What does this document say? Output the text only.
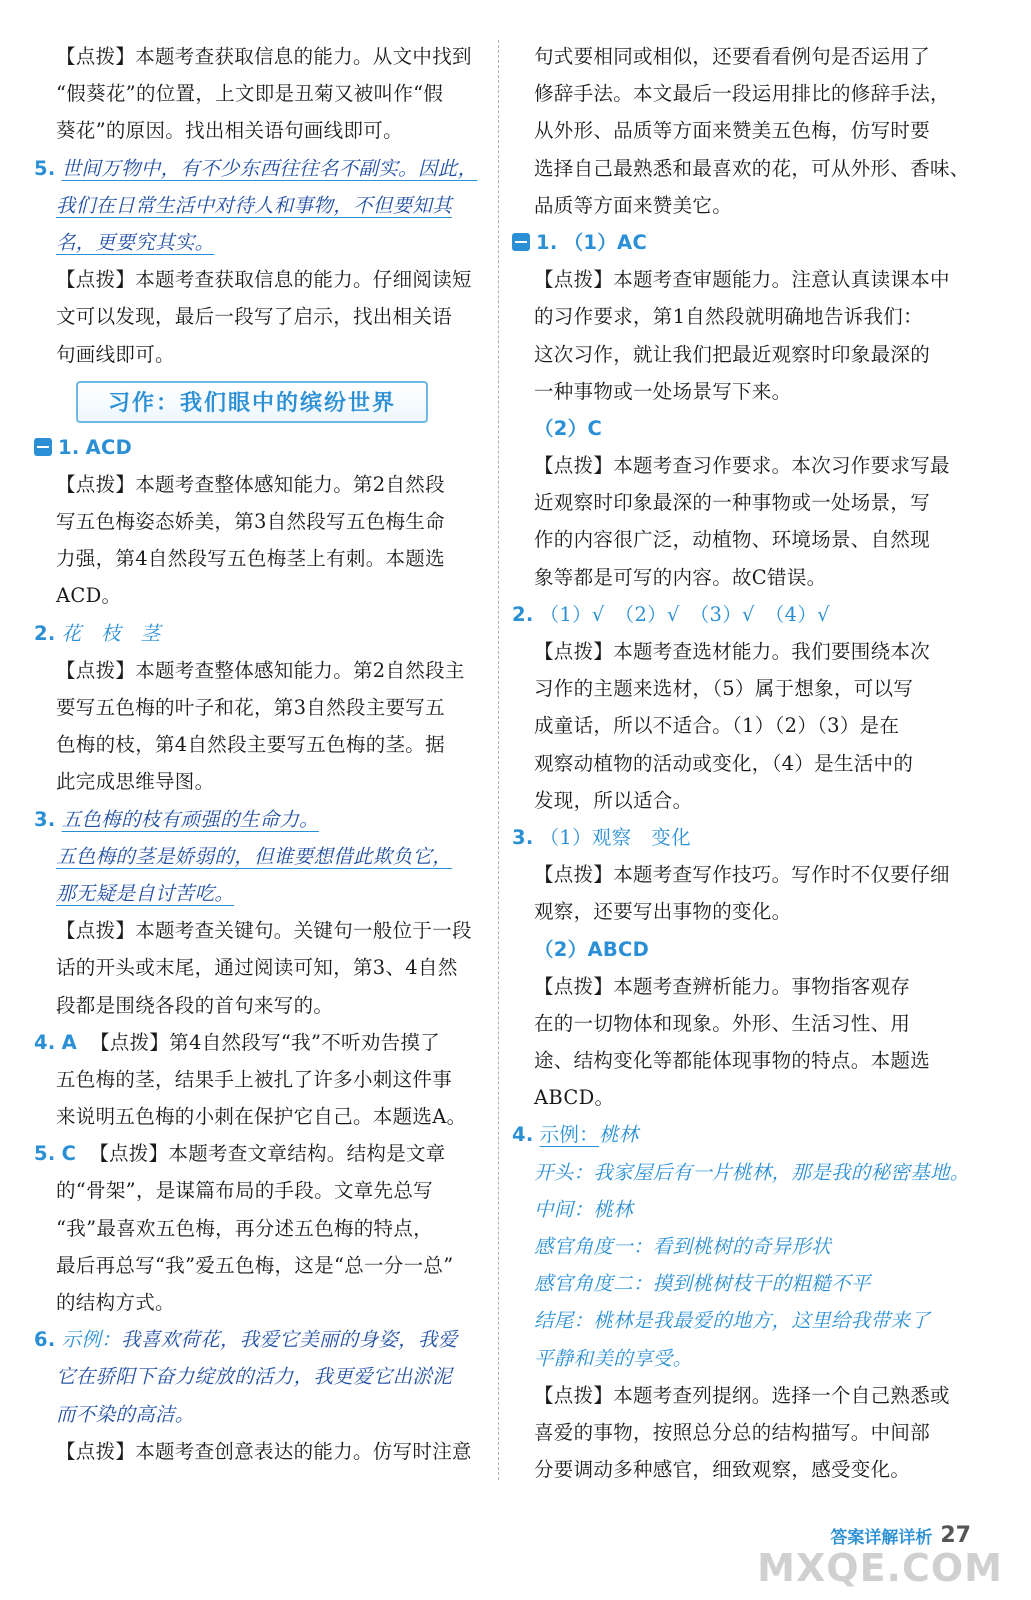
【点拨】本题考查获取信息的能力。从文中找到
“假葵花”的位置，上文即是丑菊又被叫作“假
葵花”的原因。找出相关语句画线即可。
5. 世间万物中，有不少东西往往名不副实。因此，
我们在日常生活中对待人和事物，不但要知其
名，更要究其实。
【点拨】本题考查获取信息的能力。仔细阅读短
文可以发现，最后一段写了启示，找出相关语
句画线即可。
习作：我们眼中的缤纷世界
1. ACD
【点拨】本题考查整体感知能力。第2自然段
写五色梅姿态娇美，第3自然段写五色梅生命
力强，第4自然段写五色梅茎上有刺。本题选
ACD。
2. 花　枝　茎
【点拨】本题考查整体感知能力。第2自然段主
要写五色梅的叶子和花，第3自然段主要写五
色梅的枝，第4自然段主要写五色梅的茎。据
此完成思维导图。
3. 五色梅的枝有顽强的生命力。
五色梅的茎是娇弱的，但谁要想借此欺负它，
那无疑是自讨苦吃。
【点拨】本题考查关键句。关键句一般位于一段
话的开头或末尾，通过阅读可知，第3、4自然
段都是围绕各段的首句来写的。
4. A 【点拨】第4自然段写“我”不听劝告摸了
五色梅的茎，结果手上被扎了许多小刺这件事
来说明五色梅的小刺在保护它自己。本题选A。
5. C 【点拨】本题考查文章结构。结构是文章
的“骨架”，是谋篇布局的手段。文章先总写
“我”最喜欢五色梅，再分述五色梅的特点，
最后再总写“我”爱五色梅，这是“总一分一总”
的结构方式。
6. 示例：我喜欢荷花，我爱它美丽的身姿，我爱
它在骄阳下奋力绽放的活力，我更爱它出淤泥
而不染的高洁。
【点拨】本题考查创意表达的能力。仿写时注意
句式要相同或相似，还要看看例句是否运用了
修辞手法。本文最后一段运用排比的修辞手法，
从外形、品质等方面来赞美五色梅，仿写时要
选择自己最熟悉和最喜欢的花，可从外形、香味、
品质等方面来赞美它。
1. （1）AC
【点拨】本题考查审题能力。注意认真读课本中
的习作要求，第1自然段就明确地告诉我们：
这次习作，就让我们把最近观察时印象最深的
一种事物或一处场景写下来。
（2）C
【点拨】本题考查习作要求。本次习作要求写最
近观察时印象最深的一种事物或一处场景，写
作的内容很广泛，动植物、环境场景、自然现
象等都是可写的内容。故C错误。
2. （1）√　（2）√　（3）√　（4）√
【点拨】本题考查选材能力。我们要围绕本次
习作的主题来选材，（5）属于想象，可以写
成童话，所以不适合。（1）（2）（3）是在
观察动植物的活动或变化，（4）是生活中的
发现，所以适合。
3. （1）观察　变化
【点拨】本题考查写作技巧。写作时不仅要仔细
观察，还要写出事物的变化。
（2）ABCD
【点拨】本题考查辨析能力。事物指客观存
在的一切物体和现象。外形、生活习性、用
途、结构变化等都能体现事物的特点。本题选
ABCD。
4. 示例：桃林
开头：我家屋后有一片桃林，那是我的秘密基地。
中间：桃林
感官角度一：看到桃树的奇异形状
感官角度二：摸到桃树枝干的粗糙不平
结尾：桃林是我最爱的地方，这里给我带来了
平静和美的享受。
【点拨】本题考查列提纲。选择一个自己熟悉或
喜爱的事物，按照总分总的结构描写。中间部
分要调动多种感官，细致观察，感受变化。
答案详解详析 27
MXQE.COM
